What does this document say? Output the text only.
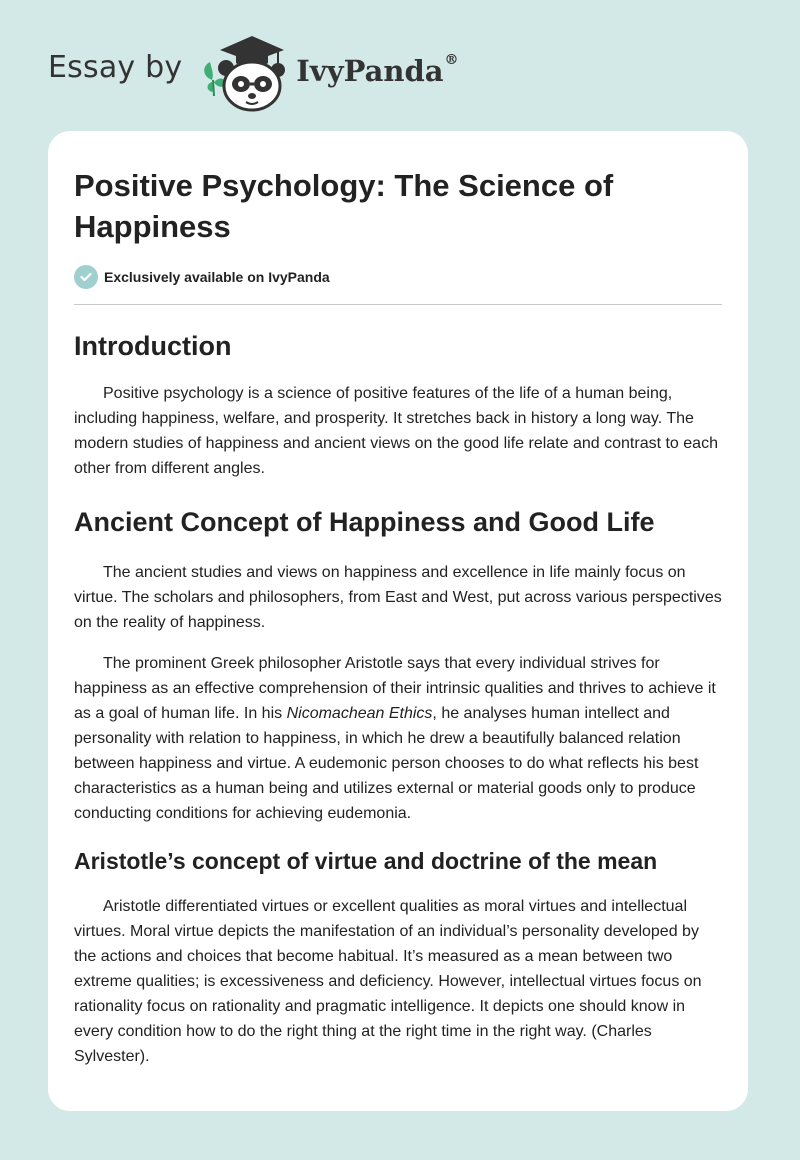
Essay by	IvyPanda®
Positive Psychology: The Science of Happiness
Exclusively available on IvyPanda
Introduction

Positive psychology is a science of positive features of the life of a human being, including happiness, welfare, and prosperity. It stretches back in history a long way. The modern studies of happiness and ancient views on the good life relate and contrast to each other from different angles.

Ancient Concept of Happiness and Good Life

The ancient studies and views on happiness and excellence in life mainly focus on virtue. The scholars and philosophers, from East and West, put across various perspectives on the reality of happiness.

The prominent Greek philosopher Aristotle says that every individual strives for happiness as an effective comprehension of their intrinsic qualities and thrives to achieve it as a goal of human life. In his Nicomachean Ethics, he analyses human intellect and personality with relation to happiness, in which he drew a beautifully balanced relation between happiness and virtue. A eudemonic person chooses to do what reflects his best characteristics as a human being and utilizes external or material goods only to produce conducting conditions for achieving eudemonia.

Aristotle’s concept of virtue and doctrine of the mean

Aristotle differentiated virtues or excellent qualities as moral virtues and intellectual virtues. Moral virtue depicts the manifestation of an individual’s personality developed by the actions and choices that become habitual. It’s measured as a mean between two extreme qualities; is excessiveness and deficiency. However, intellectual virtues focus on rationality focus on rationality and pragmatic intelligence. It depicts one should know in every condition how to do the right thing at the right time in the right way. (Charles Sylvester).
